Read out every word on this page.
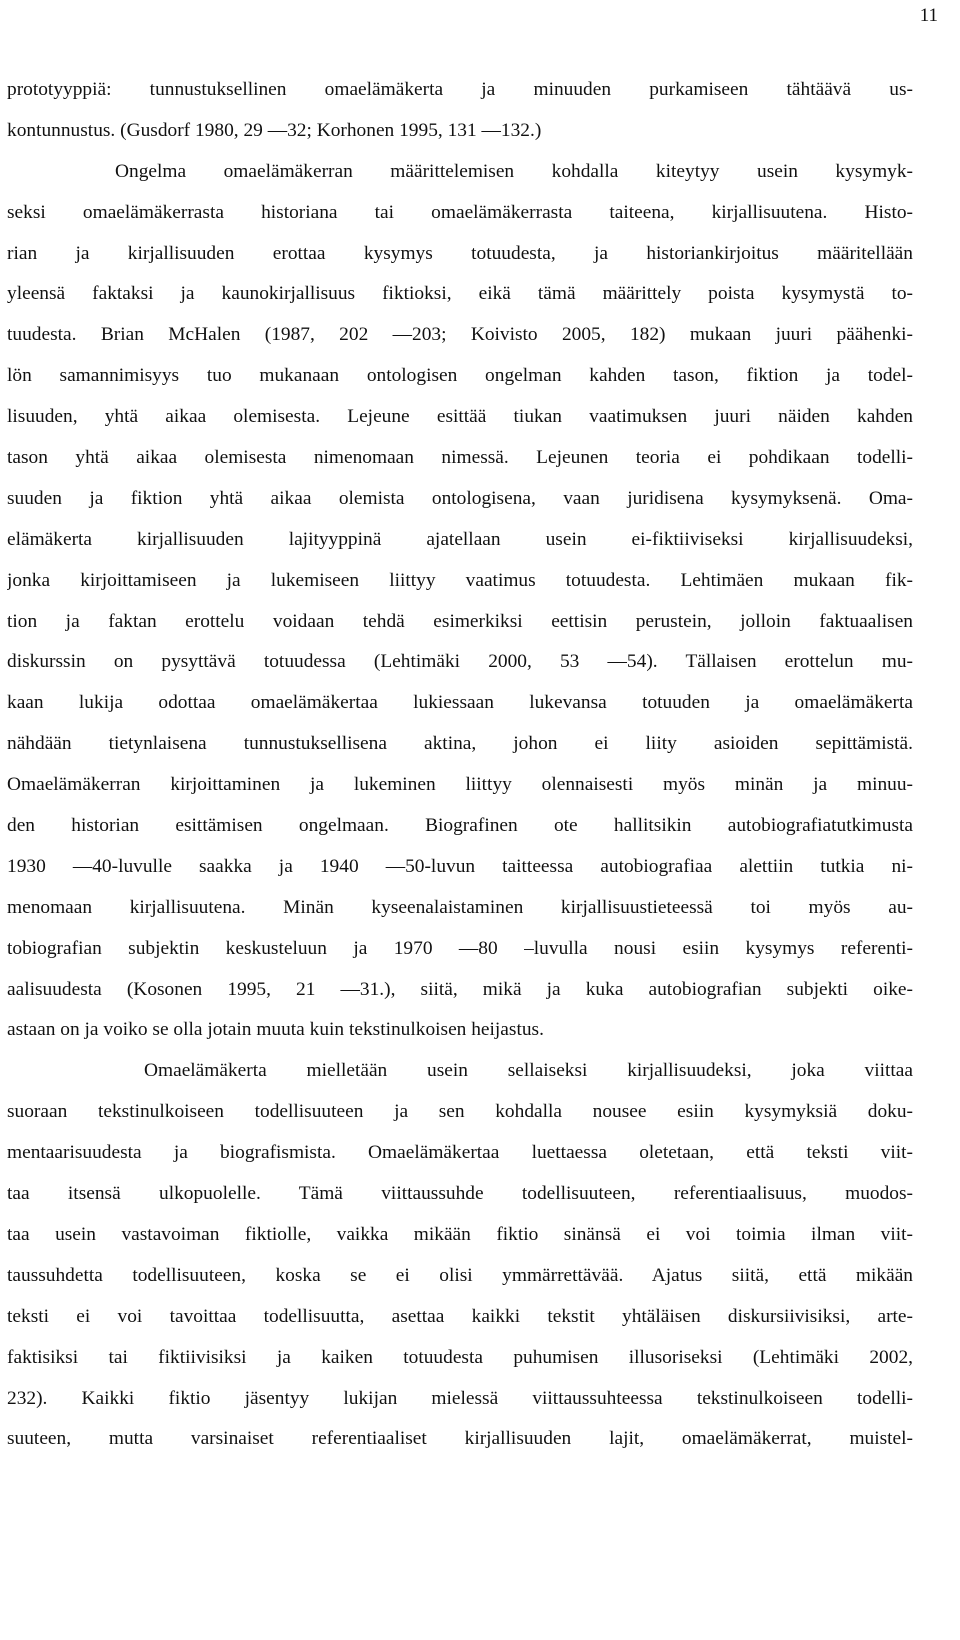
11

prototyyppiä: tunnustuksellinen omaelämäkerta ja minuuden purkamiseen tähtäävä us-
kontunnustus. (Gusdorf 1980, 29 —32; Korhonen 1995, 131 —132.)

Ongelma omaelämäkerran määrittelemisen kohdalla kiteytyy usein kysymyk-
seksi omaelämäkerrasta historiana tai omaelämäkerrasta taiteena, kirjallisuutena. Histo-
rian ja kirjallisuuden erottaa kysymys totuudesta, ja historiankirjoitus määritellään
yleensä faktaksi ja kaunokirjallisuus fiktioksi, eikä tämä määrittely poista kysymystä to-
tuudesta. Brian McHalen (1987, 202 —203; Koivisto 2005, 182) mukaan juuri päähenki-
lön samannimisyys tuo mukanaan ontologisen ongelman kahden tason, fiktion ja todel-
lisuuden, yhtä aikaa olemisesta. Lejeune esittää tiukan vaatimuksen juuri näiden kahden
tason yhtä aikaa olemisesta nimenomaan nimessä. Lejeunen teoria ei pohdikaan todelli-
suuden ja fiktion yhtä aikaa olemista ontologisena, vaan juridisena kysymyksenä. Oma-
elämäkerta kirjallisuuden lajityyppinä ajatellaan usein ei-fiktiiviseksi kirjallisuudeksi,
jonka kirjoittamiseen ja lukemiseen liittyy vaatimus totuudesta. Lehtimäen mukaan fik-
tion ja faktan erottelu voidaan tehdä esimerkiksi eettisin perustein, jolloin faktuaalisen
diskurssin on pysyttävä totuudessa (Lehtimäki 2000, 53 —54). Tällaisen erottelun mu-
kaan lukija odottaa omaelämäkertaa lukiessaan lukevansa totuuden ja omaelämäkerta
nähdään tietynlaisena tunnustuksellisena aktina, johon ei liity asioiden sepittämistä.
Omaelämäkerran kirjoittaminen ja lukeminen liittyy olennaisesti myös minän ja minuu-
den historian esittämisen ongelmaan. Biografinen ote hallitsikin autobiografiatutkimusta
1930 —40-luvulle saakka ja 1940 —50-luvun taitteessa autobiografiaa alettiin tutkia ni-
menomaan kirjallisuutena. Minän kyseenalaistaminen kirjallisuustieteessä toi myös au-
tobiografian subjektin keskusteluun ja 1970 —80 –luvulla nousi esiin kysymys referenti-
aalisuudesta (Kosonen 1995, 21 —31.), siitä, mikä ja kuka autobiografian subjekti oike-
astaan on ja voiko se olla jotain muuta kuin tekstinulkoisen heijastus.

Omaelämäkerta mielletään usein sellaiseksi kirjallisuudeksi, joka viittaa
suoraan tekstinulkoiseen todellisuuteen ja sen kohdalla nousee esiin kysymyksiä doku-
mentaarisuudesta ja biografismista. Omaelämäkertaa luettaessa oletetaan, että teksti viit-
taa itsensä ulkopuolelle. Tämä viittaussuhde todellisuuteen, referentiaalisuus, muodos-
taa usein vastavoiman fiktiolle, vaikka mikään fiktio sinänsä ei voi toimia ilman viit-
taussuhdetta todellisuuteen, koska se ei olisi ymmärrettävää. Ajatus siitä, että mikään
teksti ei voi tavoittaa todellisuutta, asettaa kaikki tekstit yhtäläisen diskursiivisiksi, arte-
faktisiksi tai fiktiivisiksi ja kaiken totuudesta puhumisen illusoriseksi (Lehtimäki 2002,
232). Kaikki fiktio jäsentyy lukijan mielessä viittaussuhteessa tekstinulkoiseen todelli-
suuteen, mutta varsinaiset referentiaaliset kirjallisuuden lajit, omaelämäkerrat, muistel-
